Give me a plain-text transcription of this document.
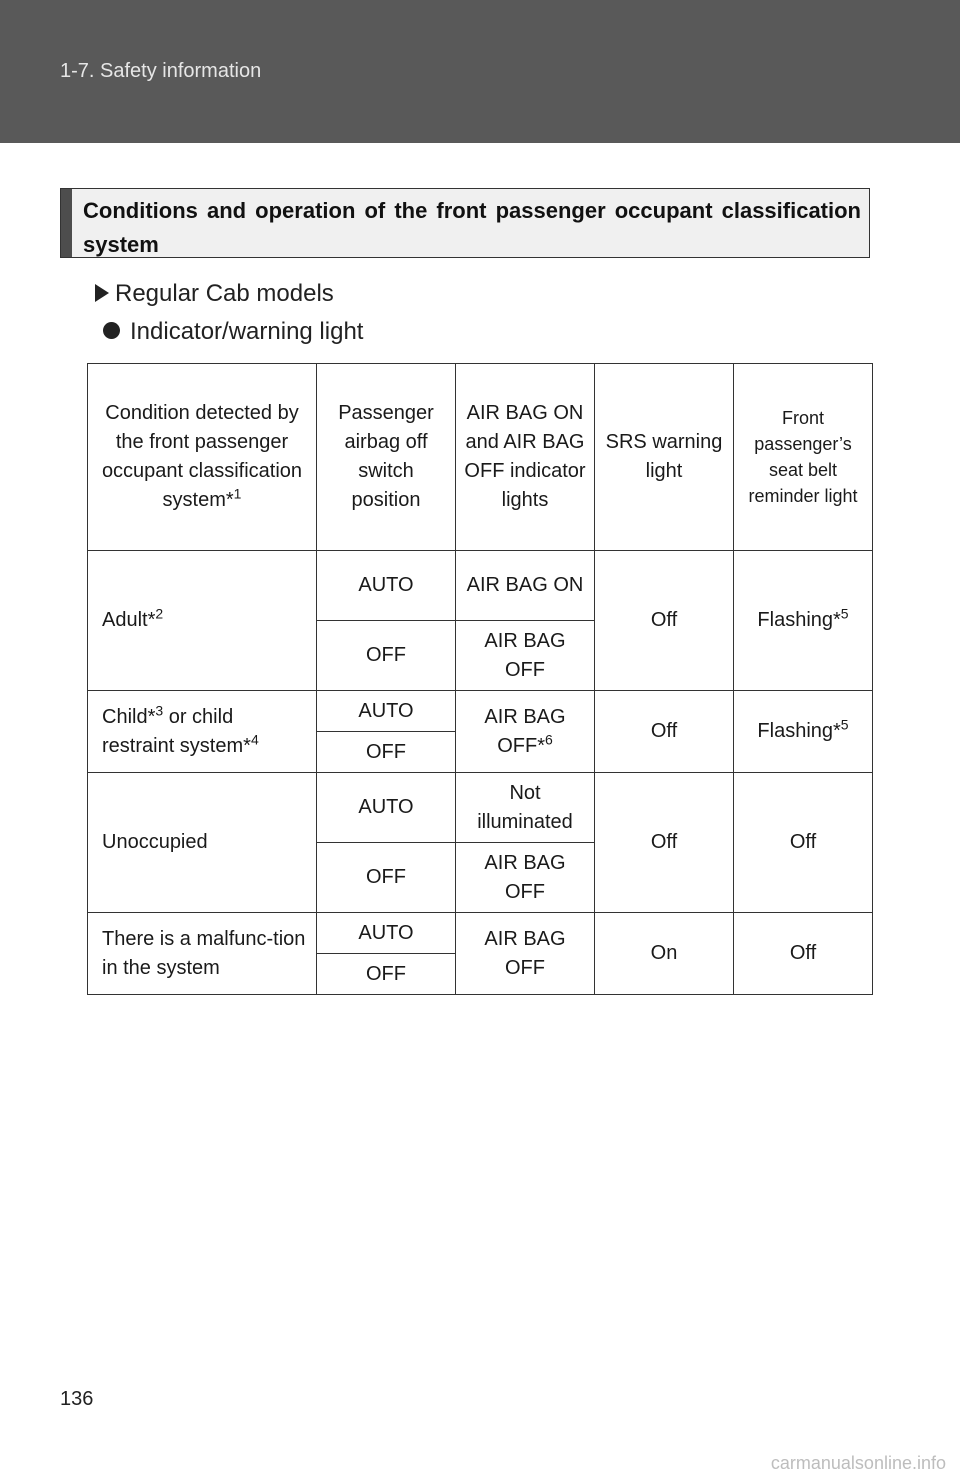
1-7. Safety information
Conditions and operation of the front passenger occupant classification system
Regular Cab models
Indicator/warning light
Condition detected by the front passenger occupant classification system*$^1$	Passenger airbag off switch position	AIR BAG ON and AIR BAG OFF indicator lights	SRS warning light	Front passenger’s seat belt reminder light
Adult*$^2$	AUTO	AIR BAG ON	Off	Flashing*$^5$
	OFF	AIR BAG OFF		
Child*$^3$ or child restraint system*$^4$	AUTO	AIR BAG OFF*$^6$	Off	Flashing*$^5$
	OFF			
Unoccupied	AUTO	Not illuminated	Off	Off
	OFF	AIR BAG OFF		
There is a malfunc-tion in the system	AUTO	AIR BAG OFF	On	Off
	OFF			
136
carmanualsonline.info
